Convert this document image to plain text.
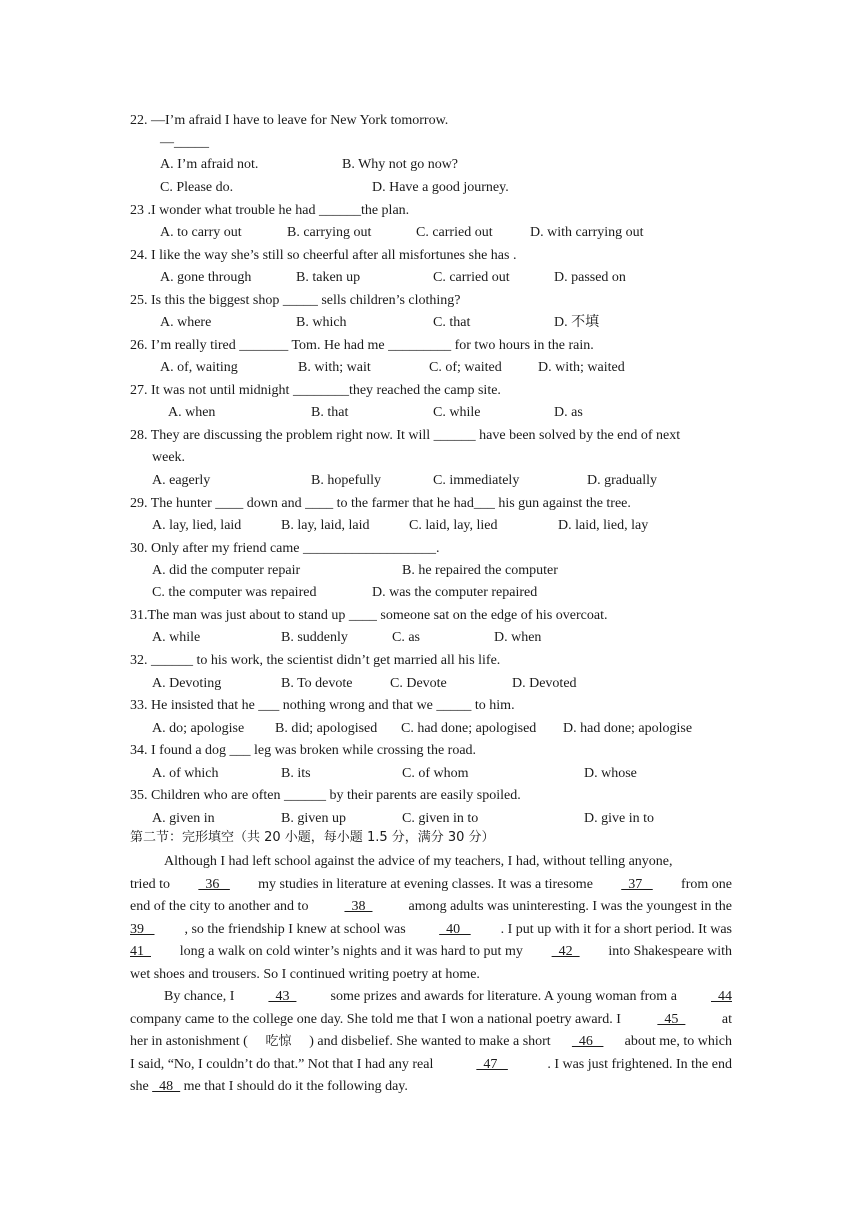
22. —I’m afraid I have to leave for New York tomorrow.
—_____
A. I’m afraid not.	B. Why not go now?
C. Please do.	D. Have a good journey.
23 .I wonder what trouble he had ______the plan.
A. to carry out	B. carrying out	C. carried out	D. with carrying out
24. I like the way she’s still so cheerful after all misfortunes she has .
A. gone through	B. taken up	C. carried out	D. passed on
25. Is this the biggest shop _____ sells children’s clothing?
A. where	B. which	C. that	D. 不填
26. I’m really tired _______ Tom. He had me _________ for two hours in the rain.
A. of, waiting	B. with; wait	C. of; waited	D. with; waited
27. It was not until midnight ________they reached the camp site.
A. when	B. that	C. while	D. as
28. They are discussing the problem right now. It will ______ have been solved by the end of next
week.
A. eagerly	B. hopefully	C. immediately	D. gradually
29. The hunter ____ down and ____ to the farmer that he had___ his gun against the tree.
A. lay, lied, laid	B. lay, laid, laid	C. laid, lay, lied	D. laid, lied, lay
30. Only after my friend came ___________________.
A. did the computer repair	B. he repaired the computer
C. the computer was repaired	D. was the computer repaired
31.The man was just about to stand up ____ someone sat on the edge of his overcoat.
A. while	B. suddenly	C. as	D. when
32. ______ to his work, the scientist didn’t get married all his life.
A. Devoting	B. To devote	C. Devote	D. Devoted
33. He insisted that he ___ nothing wrong and that we _____ to him.
A. do; apologise B. did; apologised C. had done; apologised D. had done; apologise
34. I found a dog ___ leg was broken while crossing the road.
A. of which	B. its	C. of whom	D. whose
35. Children who are often ______ by their parents are easily spoiled.
A. given in	B. given up	C. given in to	D. give in to
第二节：完形填空（共 20 小题，每小题 1.5 分，满分 30 分）
Although I had left school against the advice of my teachers, I had, without telling anyone,
tried to 36 my studies in literature at evening classes. It was a tiresome 37 from one
end of the city to another and to 38 among adults was uninteresting. I was the youngest in the
39 , so the friendship I knew at school was 40 . I put up with it for a short period. It was
41 long a walk on cold winter’s nights and it was hard to put my 42 into Shakespeare with
wet shoes and trousers. So I continued writing poetry at home.
By chance, I 43 some prizes and awards for literature. A young woman from a 44
company came to the college one day. She told me that I won a national poetry award. I 45 at
her in astonishment ( 吃惊 ) and disbelief. She wanted to make a short 46 about me, to which
I said, “No, I couldn’t do that.” Not that I had any real	47	. I was just frightened. In the end
she   48   me that I should do it the following day.
